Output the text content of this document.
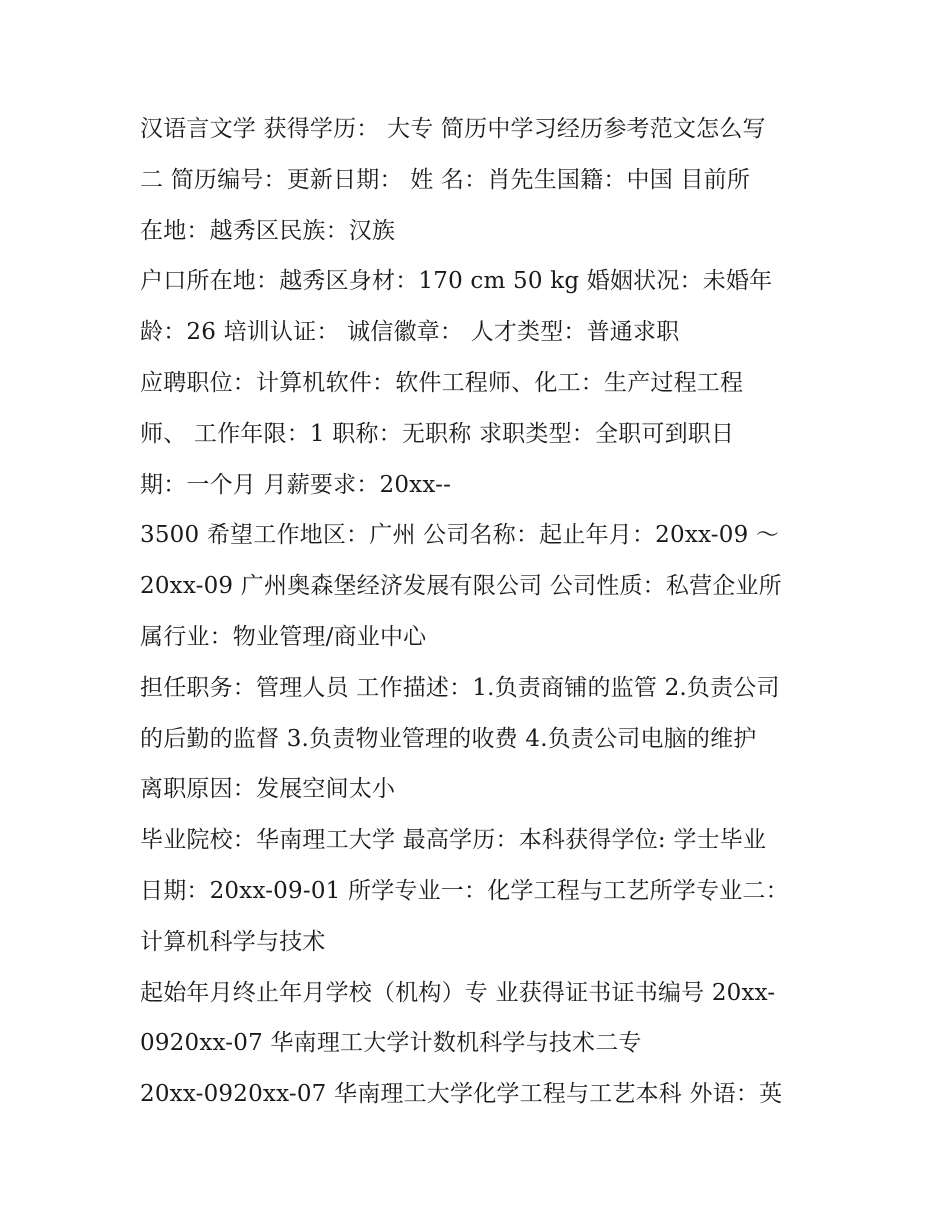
汉语言文学 获得学历： 大专 简历中学习经历参考范文怎么写
二 简历编号：更新日期： 姓 名：肖先生国籍：中国 目前所
在地：越秀区民族：汉族
户口所在地：越秀区身材：170 cm 50 kg 婚姻状况：未婚年
龄：26 培训认证： 诚信徽章： 人才类型：普通求职
应聘职位：计算机软件：软件工程师、化工：生产过程工程
师、 工作年限：1 职称：无职称 求职类型：全职可到职日
期：一个月 月薪要求：20xx--
3500 希望工作地区：广州 公司名称：起止年月：20xx-09 ～
20xx-09 广州奥森堡经济发展有限公司 公司性质：私营企业所
属行业：物业管理/商业中心
担任职务：管理人员 工作描述：1.负责商铺的监管 2.负责公司
的后勤的监督 3.负责物业管理的收费 4.负责公司电脑的维护
离职原因：发展空间太小
毕业院校：华南理工大学 最高学历：本科获得学位: 学士毕业
日期：20xx-09-01 所学专业一：化学工程与工艺所学专业二：
计算机科学与技术
起始年月终止年月学校（机构）专 业获得证书证书编号 20xx-
0920xx-07 华南理工大学计数机科学与技术二专
20xx-0920xx-07 华南理工大学化学工程与工艺本科 外语：英
